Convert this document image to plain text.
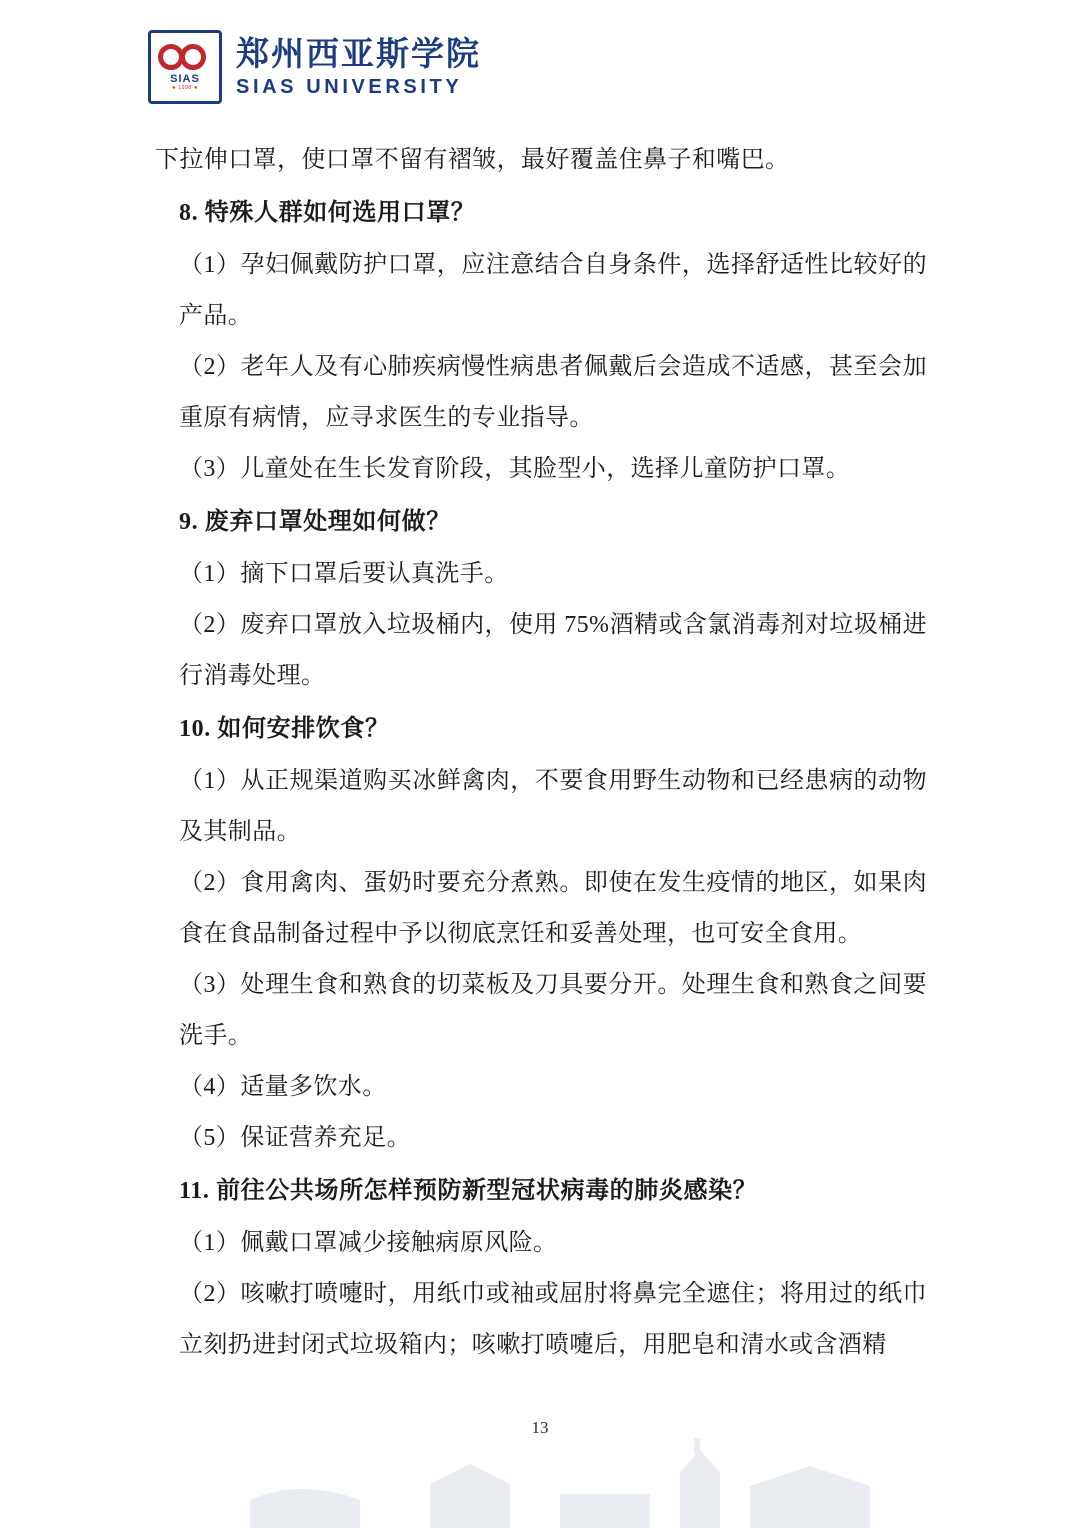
SIAS
★ 1998 ★
郑州西亚斯学院
SIAS UNIVERSITY

下拉伸口罩，使口罩不留有褶皱，最好覆盖住鼻子和嘴巴。

8. 特殊人群如何选用口罩？

（1）孕妇佩戴防护口罩，应注意结合自身条件，选择舒适性比较好的产品。

（2）老年人及有心肺疾病慢性病患者佩戴后会造成不适感，甚至会加重原有病情，应寻求医生的专业指导。

（3）儿童处在生长发育阶段，其脸型小，选择儿童防护口罩。

9. 废弃口罩处理如何做？

（1）摘下口罩后要认真洗手。

（2）废弃口罩放入垃圾桶内，使用 75%酒精或含氯消毒剂对垃圾桶进行消毒处理。

10. 如何安排饮食？

（1）从正规渠道购买冰鲜禽肉，不要食用野生动物和已经患病的动物及其制品。

（2）食用禽肉、蛋奶时要充分煮熟。即使在发生疫情的地区，如果肉食在食品制备过程中予以彻底烹饪和妥善处理，也可安全食用。

（3）处理生食和熟食的切菜板及刀具要分开。处理生食和熟食之间要洗手。

（4）适量多饮水。

（5）保证营养充足。

11. 前往公共场所怎样预防新型冠状病毒的肺炎感染？

（1）佩戴口罩减少接触病原风险。

（2）咳嗽打喷嚏时，用纸巾或袖或屈肘将鼻完全遮住；将用过的纸巾立刻扔进封闭式垃圾箱内；咳嗽打喷嚏后，用肥皂和清水或含酒精

13
